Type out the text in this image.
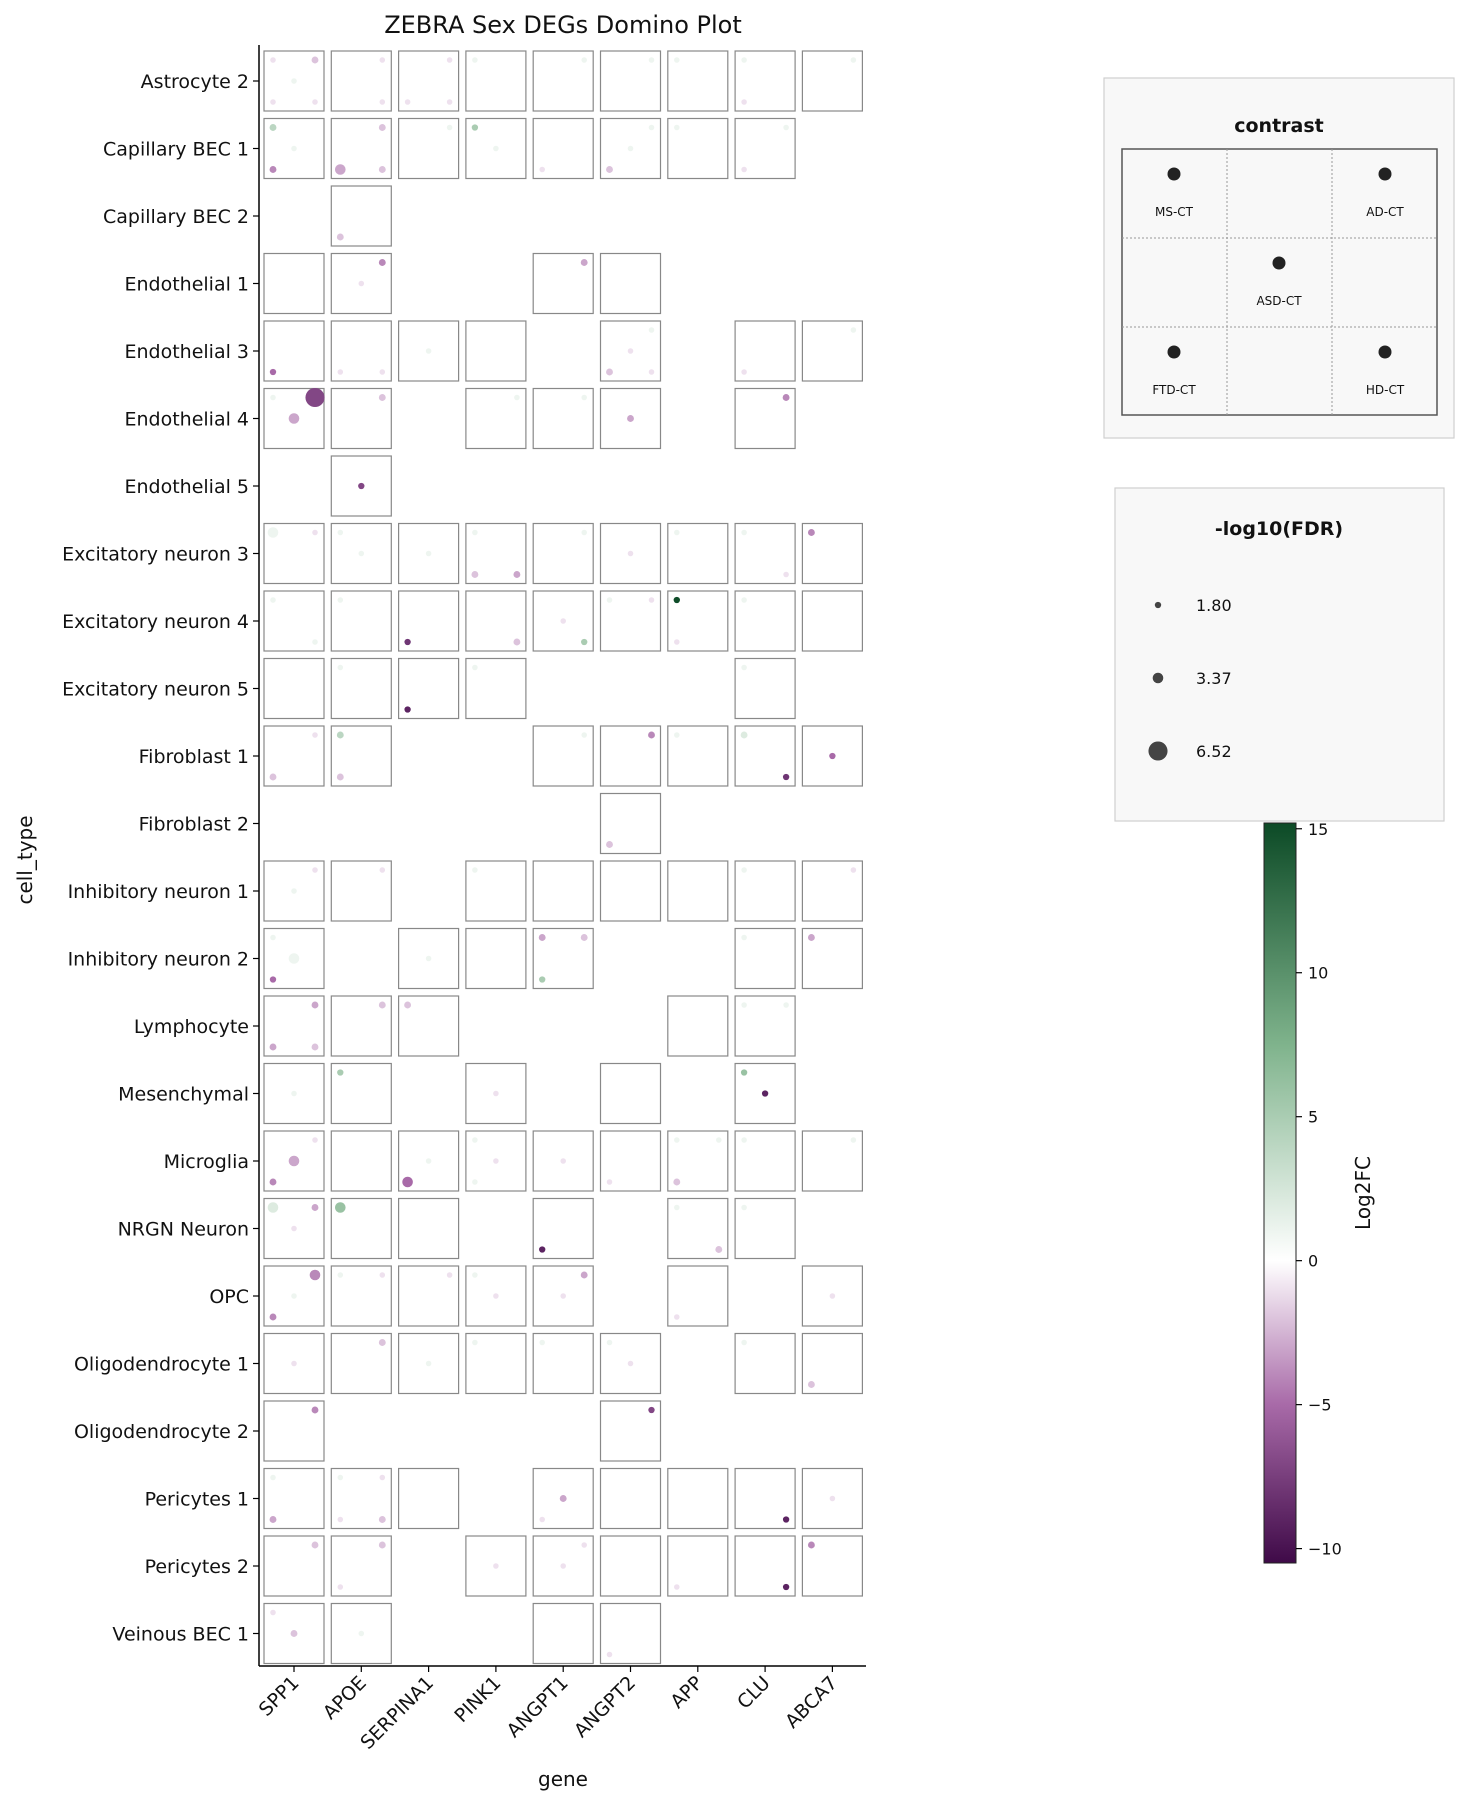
ZEBRA Sex DEGs Domino Plot
gene
cell_type
Astrocyte 2
Capillary BEC 1
Capillary BEC 2
Endothelial 1
Endothelial 3
Endothelial 4
Endothelial 5
Excitatory neuron 3
Excitatory neuron 4
Excitatory neuron 5
Fibroblast 1
Fibroblast 2
Inhibitory neuron 1
Inhibitory neuron 2
Lymphocyte
Mesenchymal
Microglia
NRGN Neuron
OPC
Oligodendrocyte 1
Oligodendrocyte 2
Pericytes 1
Pericytes 2
Veinous BEC 1
SPP1 APOE
SERPINA1 PINK1
ANGPT1
ANGPT2 APP CLU ABCA7
contrast
MS-CT	AD-CT
ASD-CT
FTD-CT	HD-CT
-log10(FDR)
1.80
3.37
6.52
−10
−5
0
5
10
15
Log2FC
